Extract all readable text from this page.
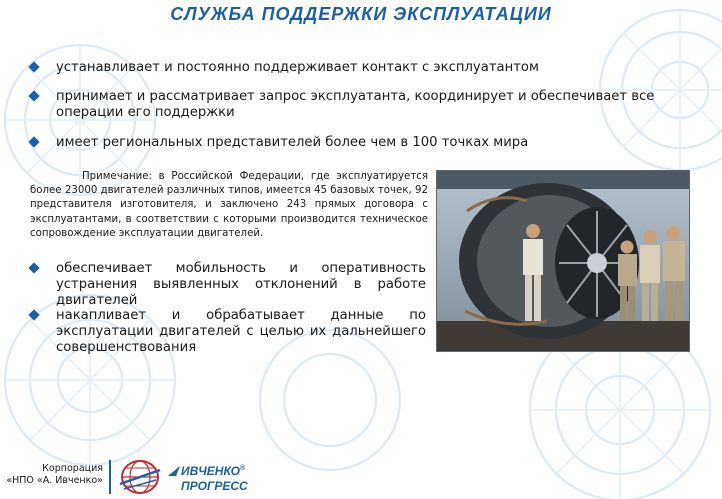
СЛУЖБА ПОДДЕРЖКИ ЭКСПЛУАТАЦИИ
устанавливает и постоянно поддерживает контакт с эксплуатантом
принимает и рассматривает запрос эксплуатанта, координирует и обеспечивает все операции его поддержки
имеет региональных представителей более чем в 100 точках мира
Примечание: в Российской Федерации, где эксплуатируется более 23000 двигателей различных типов, имеется 45 базовых точек, 92 представителя изготовителя, и заключено 243 прямых договора с эксплуатантами, в соответствии с которыми производится техническое сопровождение эксплуатации двигателей.
обеспечивает мобильность и оперативность устранения выявленных отклонений в работе двигателей
накапливает и обрабатывает данные по эксплуатации двигателей с целью их дальнейшего совершенствования
Корпорация
«НПО «А. Ивченко»
ИВЧЕНКО®
ПРОГРЕСС
